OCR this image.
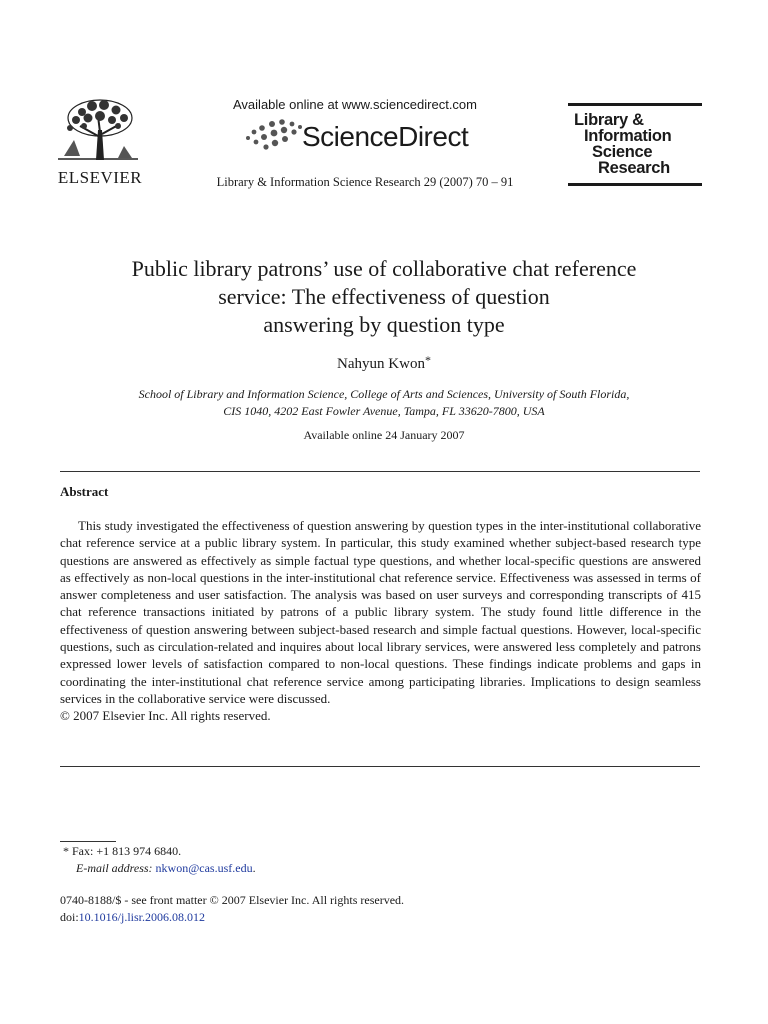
ELSEVIER
Available online at www.sciencedirect.com
ScienceDirect
Library & Information Science Research 29 (2007) 70 – 91
Library &
Information
Science
Research
Public library patrons’ use of collaborative chat reference
service: The effectiveness of question
answering by question type
Nahyun Kwon*
School of Library and Information Science, College of Arts and Sciences, University of South Florida,
CIS 1040, 4202 East Fowler Avenue, Tampa, FL 33620-7800, USA
Available online 24 January 2007
Abstract

This study investigated the effectiveness of question answering by question types in the inter-institutional collaborative chat reference service at a public library system. In particular, this study examined whether subject-based research type questions are answered as effectively as simple factual type questions, and whether local-specific questions are answered as effectively as non-local questions in the inter-institutional chat reference service. Effectiveness was assessed in terms of answer completeness and user satisfaction. The analysis was based on user surveys and corresponding transcripts of 415 chat reference transactions initiated by patrons of a public library system. The study found little difference in the effectiveness of question answering between subject-based research and simple factual questions. However, local-specific questions, such as circulation-related and inquires about local library services, were answered less completely and patrons expressed lower levels of satisfaction compared to non-local questions. These findings indicate problems and gaps in coordinating the inter-institutional chat reference service among participating libraries. Implications to design seamless services in the collaborative service were discussed.

© 2007 Elsevier Inc. All rights reserved.
* Fax: +1 813 974 6840.
E-mail address: nkwon@cas.usf.edu.
0740-8188/$ - see front matter © 2007 Elsevier Inc. All rights reserved.
doi:10.1016/j.lisr.2006.08.012
